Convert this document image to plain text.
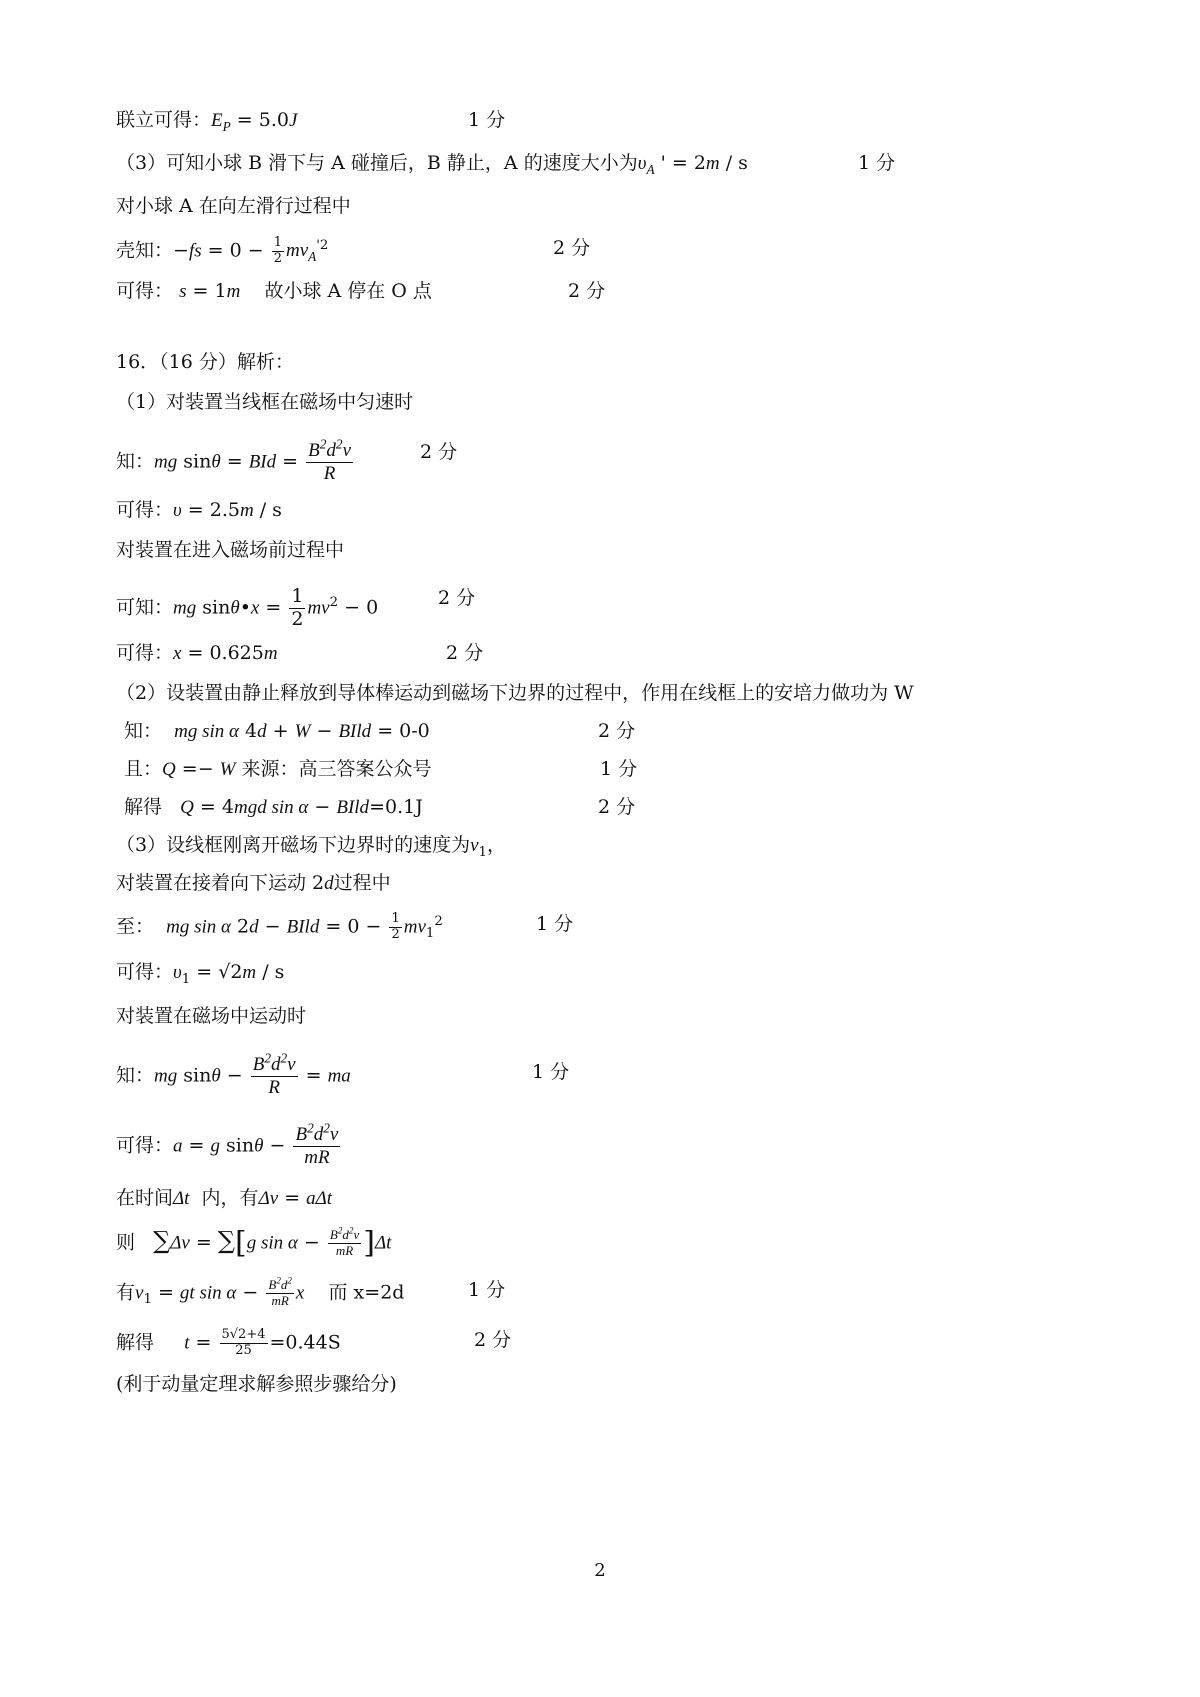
联立可得：$E_P = 5.0J$	1 分
（3）可知小球 B 滑下与 A 碰撞后，B 静止，A 的速度大小为$\upsilon_A$ ' = 2m / s	1 分
对小球 A 在向左滑行过程中
壳知：$-fs = 0 - \frac{1}{2} mv_A^{'2}$	2 分
可得： s = 1m 故小球 A 停在 O 点	2 分
16．（16 分）解析：
（1）对装置当线框在磁场中匀速时
知：mg sinθ = BId = $\frac{B^2d^2v}{R}$	2 分
可得：υ = 2.5m / s
对装置在进入磁场前过程中
可知：mg sinθ•x = $\frac{1}{2} mv^2 - 0$	2 分
可得：x = 0.625m	2 分
（2）设装置由静止释放到导体棒运动到磁场下边界的过程中，作用在线框上的安培力做功为 W
知： mg sin α 4d + W − BIld = 0-0	2 分
且：Q =− W 来源：高三答案公众号	1 分
解得 Q = 4mgd sin α − BIld=0.1J	2 分
（3）设线框刚离开磁场下边界时的速度为$v_1$，
对装置在接着向下运动 2d过程中
至： mg sin α 2d − BIld = $0 - \frac{1}{2} mv_1^2$	1 分
可得：$\upsilon_1 = √2m / s$
对装置在磁场中运动时
知：mg $\sin\theta - \frac{B^2d^2v}{R}$ = ma	1 分
可得：a = g $\sin\theta - \frac{B^2d^2v}{mR}$
在时间Δt 内，有Δv = aΔt
则 ∑Δv = ∑[g $\sin \alpha - \frac{B^2d^2v}{mR} ]\Delta t$
有$v_1$ = gt $\sin \alpha - \frac{B^2d^2}{mR}$ x 而 x=2d	1 分
解得 $t = \frac{5√2+4}{25} =0.44S$	2 分
(利于动量定理求解参照步骤给分)
2
